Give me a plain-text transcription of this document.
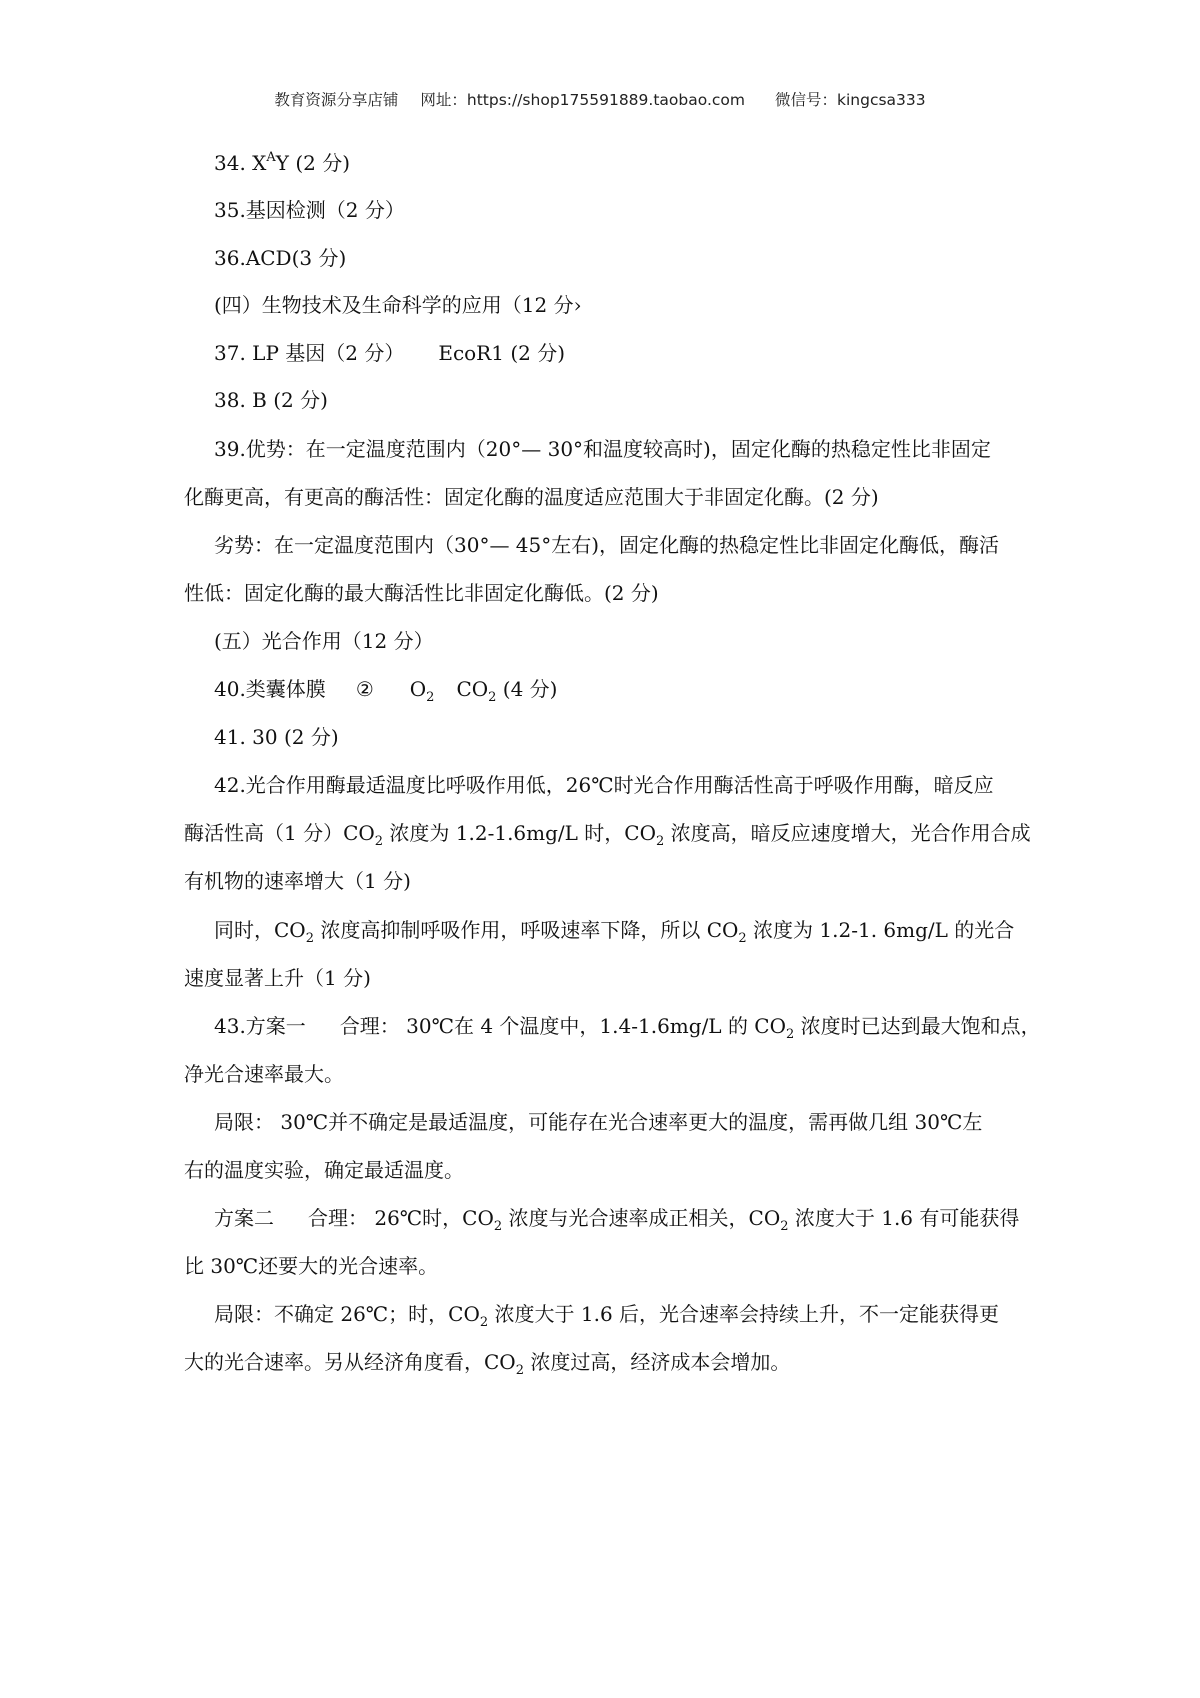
教育资源分享店铺 网址：https://shop175591889.taobao.com 微信号：kingcsa333
34. $X^AY$ (2 分)
35.基因检测（2 分）
36.ACD(3 分)
(四）生物技术及生命科学的应用（12 分›
37. LP 基因（2 分） EcoR1 (2 分)
38. B (2 分)
39.优势：在一定温度范围内（20°— 30°和温度较高时)，固定化酶的热稳定性比非固定
化酶更高，有更高的酶活性：固定化酶的温度适应范围大于非固定化酶。(2 分)
劣势：在一定温度范围内（30°— 45°左右)，固定化酶的热稳定性比非固定化酶低，酶活
性低：固定化酶的最大酶活性比非固定化酶低。(2 分)
(五）光合作用（12 分）
40.类囊体膜 ② $O_2$ $CO_2$ (4 分)
41. 30 (2 分)
42.光合作用酶最适温度比呼吸作用低，26℃时光合作用酶活性高于呼吸作用酶，暗反应
酶活性高（1 分）$CO_2$ 浓度为 1.2-1.6mg/L 时，$CO_2$ 浓度高，暗反应速度增大，光合作用合成
有机物的速率增大（1 分)
同时，$CO_2$ 浓度高抑制呼吸作用，呼吸速率下降，所以 $CO_2$ 浓度为 1.2-1. 6mg/L 的光合
速度显著上升（1 分)
43.方案一 合理： 30℃在 4 个温度中，1.4-1.6mg/L 的 $CO_2$ 浓度时已达到最大饱和点，
净光合速率最大。
局限： 30℃并不确定是最适温度，可能存在光合速率更大的温度，需再做几组 30℃左
右的温度实验，确定最适温度。
方案二 合理： 26℃时，$CO_2$ 浓度与光合速率成正相关，$CO_2$ 浓度大于 1.6 有可能获得
比 30℃还要大的光合速率。
局限：不确定 26℃；时，$CO_2$ 浓度大于 1.6 后，光合速率会持续上升，不一定能获得更
大的光合速率。另从经济角度看，$CO_2$ 浓度过高，经济成本会增加。
